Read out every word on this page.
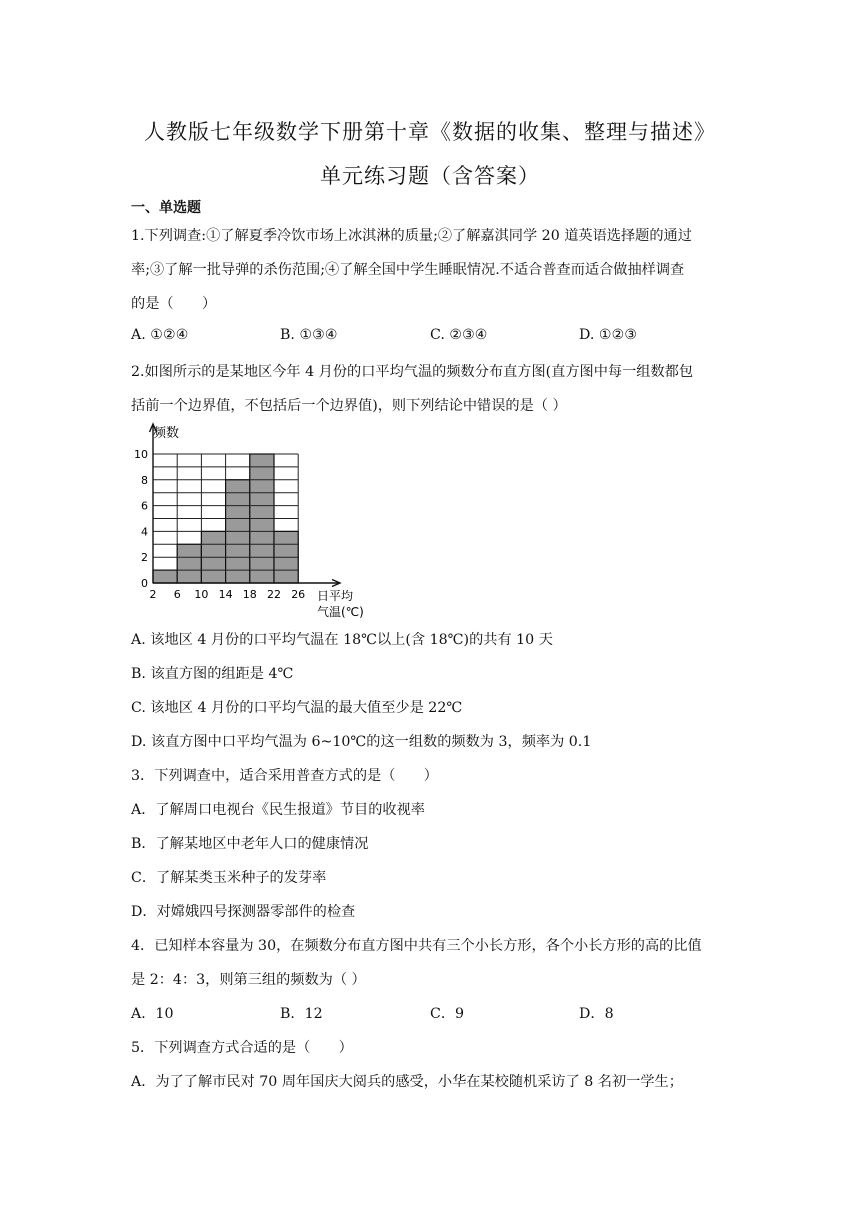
人教版七年级数学下册第十章《数据的收集、整理与描述》
单元练习题（含答案）
一、单选题
1.下列调查:①了解夏季冷饮市场上冰淇淋的质量;②了解嘉淇同学 20 道英语选择题的通过
率;③了解一批导弹的杀伤范围;④了解全国中学生睡眠情况.不适合普查而适合做抽样调查
的是（　　）
A. ①②④	B. ①③④	C. ②③④	D. ①②③
2.如图所示的是某地区今年 4 月份的口平均气温的频数分布直方图(直方图中每一组数都包
括前一个边界值，不包括后一个边界值)，则下列结论中错误的是（ ）
0
2
4
6
8
10
2 6 10 14 18 22 26
频数
日平均
气温(℃)
A. 该地区 4 月份的口平均气温在 18℃以上(含 18℃)的共有 10 天
B. 该直方图的组距是 4℃
C. 该地区 4 月份的口平均气温的最大值至少是 22℃
D. 该直方图中口平均气温为 6~10℃的这一组数的频数为 3，频率为 0.1
3．下列调查中，适合采用普查方式的是（　　）
A．了解周口电视台《民生报道》节目的收视率
B．了解某地区中老年人口的健康情况
C．了解某类玉米种子的发芽率
D．对嫦娥四号探测器零部件的检查
4．已知样本容量为 30，在频数分布直方图中共有三个小长方形，各个小长方形的高的比值
是 2：4：3，则第三组的频数为（ ）
A．10	B．12	C．9	D．8
5．下列调查方式合适的是（　　）
A．为了了解市民对 70 周年国庆大阅兵的感受，小华在某校随机采访了 8 名初一学生；
